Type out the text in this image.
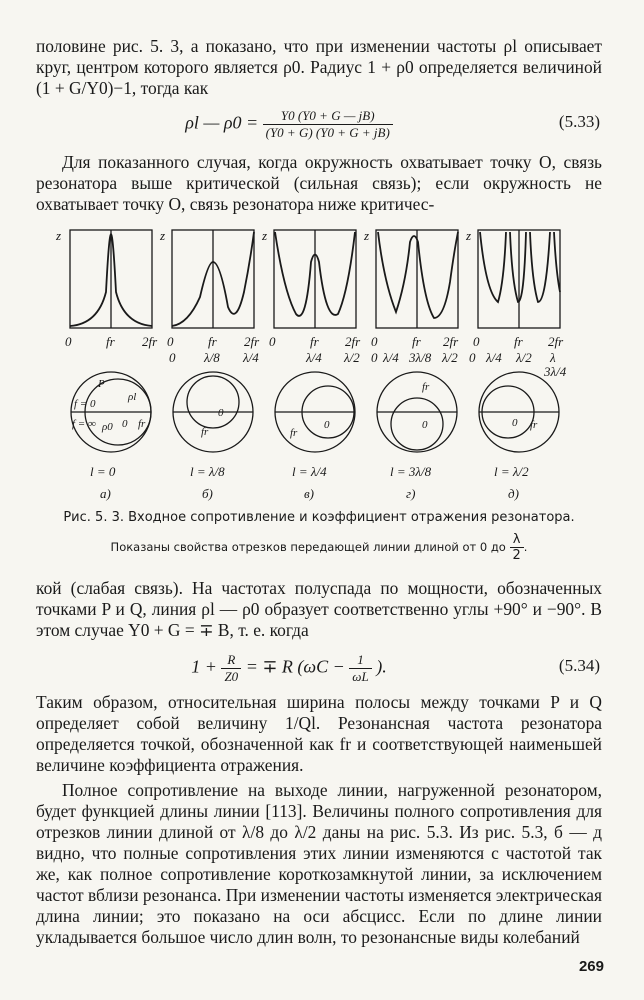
половине рис. 5. 3, а показано, что при изменении частоты ρl описывает круг, центром которого является ρ0. Радиус 1 + ρ0 определяется величиной (1 + G/Y0)−1, тогда как

ρl — $\rho 0 = \frac{Y0 (Y0 + G — jB)}{(Y0 + G) (Y0 + G + jB)}$	(5.33)

Для показанного случая, когда окружность охватывает точку О, связь резонатора выше критической (сильная связь); если окружность не охватывает точку О, связь резонатора ниже критичес-

z	z	z	z	z
0	fr 2fr 0	fr 2fr
0 λ/8 λ/4
0	fr 2fr
λ/4 λ/2
0	fr 2fr
0 λ/4 3λ/8 λ/2
0	fr 2fr
0 λ/4 λ/2 λ
3λ/4
P
ρl
f = 0
f = ∞ ρ0 0 fr
fr
0
fr
0
fr
0	fr
0
l = 0	l = λ/8	l = λ/4	l = 3λ/8	l = λ/2
а)	б)	в)	г)	д)
Рис. 5. 3. Входное сопротивление и коэффициент отражения резонатора.
Показаны свойства отрезков передающей линии длиной от 0 до $\frac{\lambda}{2}$ .

кой (слабая связь). На частотах полуспада по мощности, обозначенных точками P и Q, линия ρl — ρ0 образует соответственно углы +90° и −90°. В этом случае Y0 + G = ∓ B, т. е. когда

$1 + \frac{R}{Z0}$ = ∓ R ($\omega C - \frac{1}{\omega L}$ ).	(5.34)

Таким образом, относительная ширина полосы между точками P и Q определяет собой величину 1/Ql. Резонансная частота резонатора определяется точкой, обозначенной как fr и соответствующей наименьшей величине коэффициента отражения.

Полное сопротивление на выходе линии, нагруженной резонатором, будет функцией длины линии [113]. Величины полного сопротивления для отрезков линии длиной от λ/8 до λ/2 даны на рис. 5.3. Из рис. 5.3, б — д видно, что полные сопротивления этих линии изменяются с частотой так же, как полное сопротивление короткозамкнутой линии, за исключением частот вблизи резонанса. При изменении частоты изменяется электрическая длина линии; это показано на оси абсцисс. Если по длине линии укладывается большое число длин волн, то резонансные виды колебаний

269
